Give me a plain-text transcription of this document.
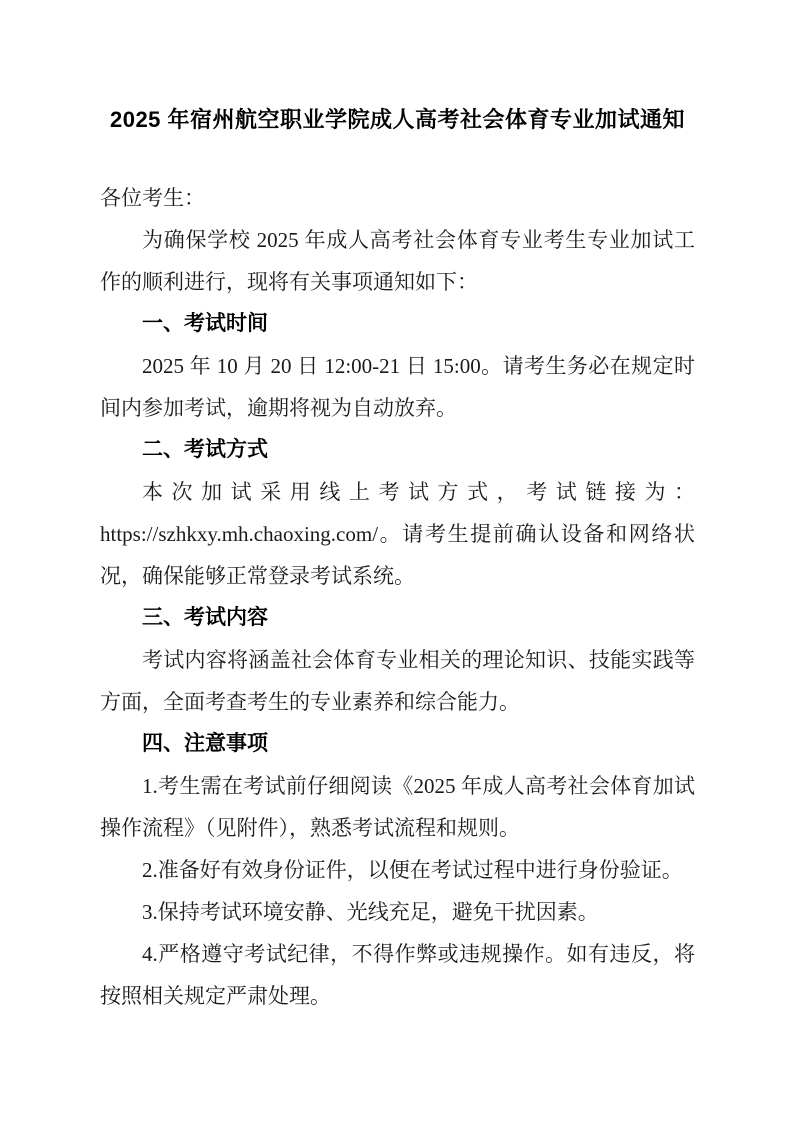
2025 年宿州航空职业学院成人高考社会体育专业加试通知

各位考生：

为确保学校 2025 年成人高考社会体育专业考生专业加试工作的顺利进行，现将有关事项通知如下：

一、考试时间

2025 年 10 月 20 日 12:00-21 日 15:00。请考生务必在规定时间内参加考试，逾期将视为自动放弃。

二、考试方式

本次加试采用线上考试方式，考试链接为：https://szhkxy.mh.chaoxing.com/。请考生提前确认设备和网络状况，确保能够正常登录考试系统。

三、考试内容

考试内容将涵盖社会体育专业相关的理论知识、技能实践等方面，全面考查考生的专业素养和综合能力。

四、注意事项

1.考生需在考试前仔细阅读《2025 年成人高考社会体育加试操作流程》（见附件），熟悉考试流程和规则。

2.准备好有效身份证件，以便在考试过程中进行身份验证。

3.保持考试环境安静、光线充足，避免干扰因素。

4.严格遵守考试纪律，不得作弊或违规操作。如有违反，将按照相关规定严肃处理。
